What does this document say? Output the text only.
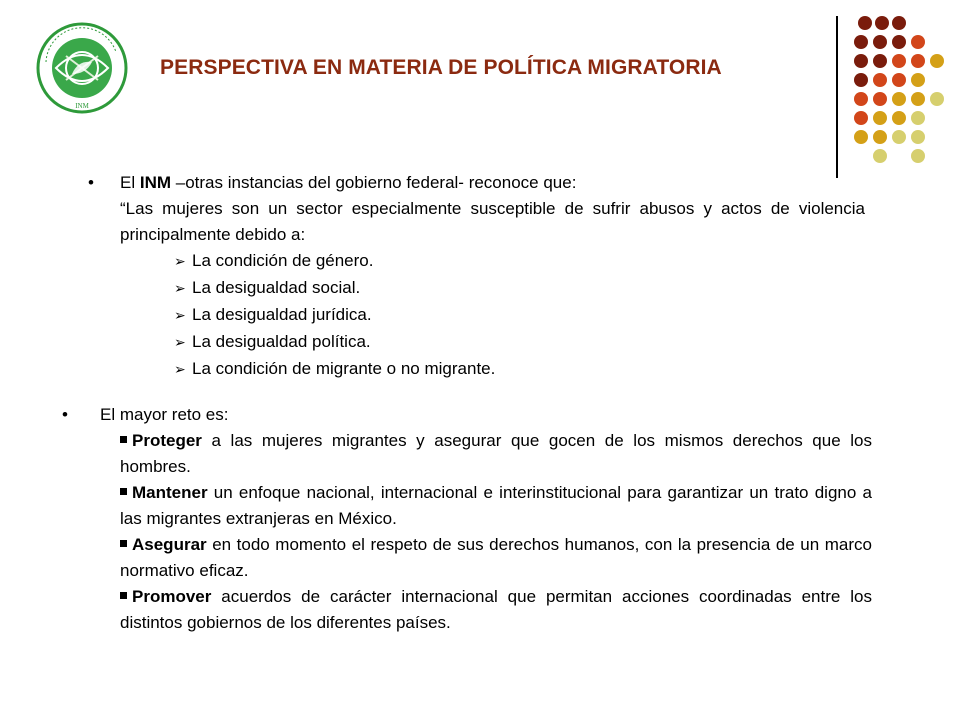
INM
PERSPECTIVA EN MATERIA DE POLÍTICA MIGRATORIA
• El INM –otras instancias del gobierno federal- reconoce que:
“Las mujeres son un sector especialmente susceptible de sufrir abusos y actos de violencia principalmente debido a:
➢ La condición de género.
➢ La desigualdad social.
➢ La desigualdad jurídica.
➢ La desigualdad política.
➢ La condición de migrante o no migrante.
• El mayor reto es:
Proteger a las mujeres migrantes y asegurar que gocen de los mismos derechos que los hombres.
Mantener un enfoque nacional, internacional e interinstitucional para garantizar un trato digno a las migrantes extranjeras en México.
Asegurar en todo momento el respeto de sus derechos humanos, con la presencia de un marco normativo eficaz.
Promover acuerdos de carácter internacional que permitan acciones coordinadas entre los distintos gobiernos de los diferentes países.
